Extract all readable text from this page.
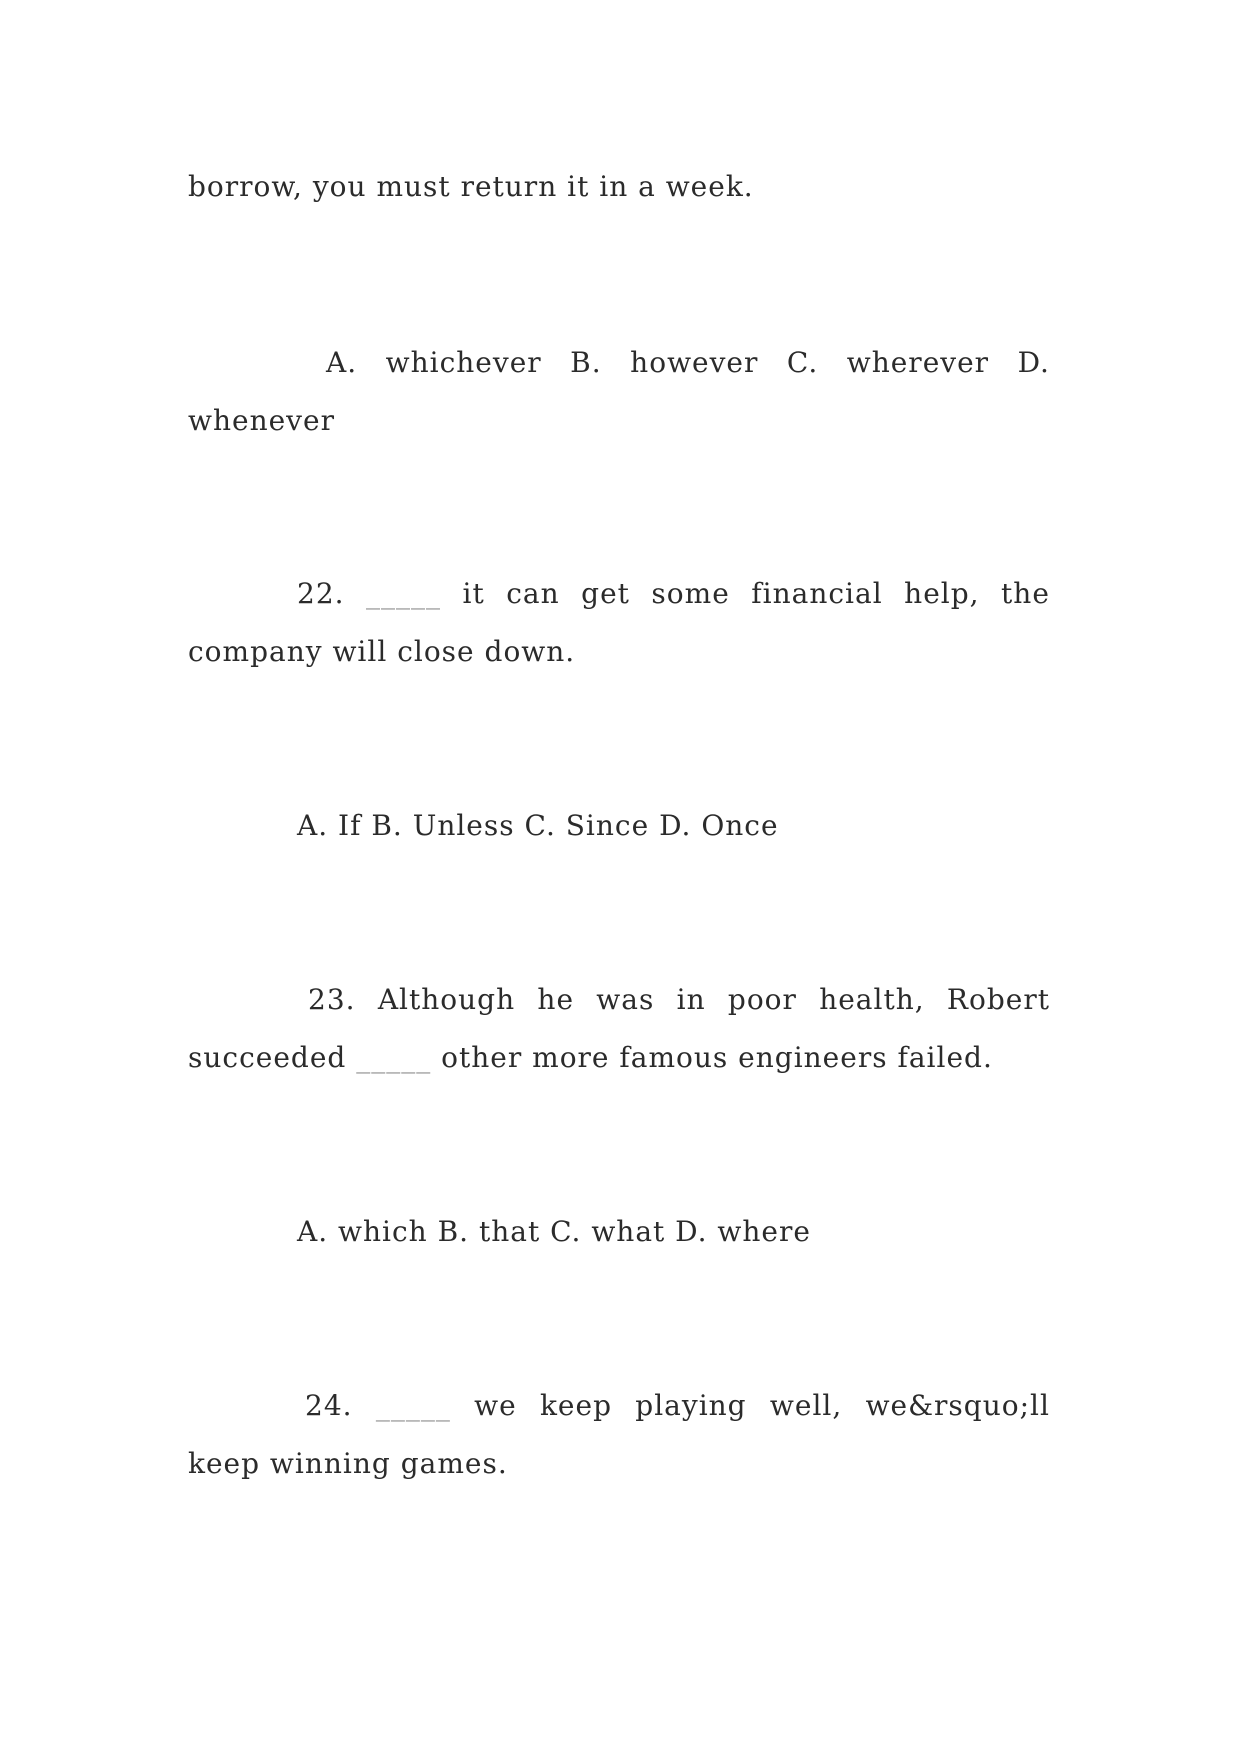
borrow, you must return it in a week.
A. whichever B. however C. wherever D.
whenever
22. _____ it can get some financial help, the
company will close down.
A. If B. Unless C. Since D. Once
23. Although he was in poor health, Robert
succeeded _____ other more famous engineers failed.
A. which B. that C. what D. where
24. _____ we keep playing well, we&rsquo;ll
keep winning games.
